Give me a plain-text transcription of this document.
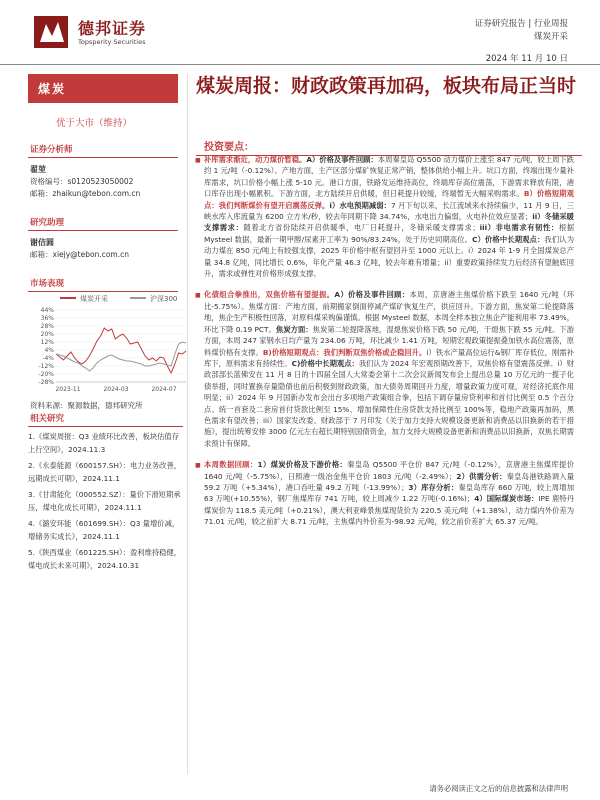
德邦证券
Topsperity Securities
证券研究报告 | 行业周报
煤炭开采
2024 年 11 月 10 日
煤炭
优于大市（维持）
证券分析师
翟堃
资格编号：s0120523050002
邮箱：zhaikun@tebon.com.cn
研究助理
谢佶圆
邮箱：xiejy@tebon.com.cn
市场表现
煤炭开采	沪深300
44%
36%
28%
20%
12%
4%
-4%
-12%
-20%
-28%
2023-11	2024-03	2024-07
资料来源：聚源数据，德邦研究所
相关研究
1.《煤炭周报：Q3 业绩环比改善，板块估值存上行空间》，2024.11.3
2.《永泰能源（600157.SH）：电力业务改善，远期成长可期》，2024.11.1
3.《甘肃能化（000552.SZ）：量价下滑短期承压，煤电化成长可期》，2024.11.1
4.《潞安环能（601699.SH）：Q3 量增价减，增储务实成长》，2024.11.1
5.《陕西煤业（601225.SH）：盈利维持稳健，煤电成长未来可期》，2024.10.31
煤炭周报：财政政策再加码，板块布局正当时
投资要点：
■ 补库需求渐近，动力煤价暂稳。A）价格及事件回顾：本周秦皇岛 Q5500 动力煤价上涨至 847 元/吨，较上周下跌约 1 元/吨（-0.12%）。产地方面，主产区部分煤矿恢复正常产销，整体供给小幅上升。坑口方面，终端出现少量补库需求，坑口价格小幅上涨 5-10 元。港口方面，铁路发运维持高位，终端库存高位震荡，下游需求释放有限，港口库存出现小幅累积。下游方面，北方陆续开启供暖，但日耗提升较缓，终端暂无大幅采购需求。B）价格短期观点：我们判断煤价有望开启震荡反弹。i）水电预期减弱：7 月下旬以来，长江流域来水持续偏少，11 月 9 日，三峡水库入库流量为 6200 立方米/秒，较去年同期下降 34.74%，水电出力偏弱，火电补位效应显著；ii）冬储采暖支撑需求：随着北方省份陆续开启供暖季，电厂日耗提升，冬储采暖支撑需求；iii）非电需求有韧性：根据 Mysteel 数据，最新一期甲醇/尿素开工率为 90%/83.24%，处于历史同期高位。C）价格中长期观点：我们认为动力煤在 850 元/吨上有较强支撑，2025 年价格中枢有望回升至 1000 元以上。i）2024 年 1-9 月全国煤炭总产量 34.8 亿吨，同比增长 0.6%，年化产量 46.3 亿吨，较去年难有增量；ii）重要政策持续发力后经济有望触底回升，需求或弹性对价格形成强支撑。
■ 化债组合拳推出，双焦价格有望提振。A）价格及事件回顾：本周，京唐港主焦煤价格下跌至 1640 元/吨（环比-5.75%）。焦煤方面：产地方面，前期搬家倒面停减产煤矿恢复生产，供应回升。下游方面，焦炭第二轮提降落地，焦企生产积极性回落，对原料煤采购偏谨慎。根据 Mysteel 数据，本周全样本独立焦企产能利用率 73.49%，环比下降 0.19 PCT。焦炭方面：焦炭第二轮提降落地，湿熄焦炭价格下跌 50 元/吨，干熄焦下跌 55 元/吨。下游方面，本周 247 家钢水日均产量为 234.06 万吨，环比减少 1.41 万吨，短期宏观政策提振叠加铁水高位震荡，原料煤价格有支撑。B)价格短期观点：我们判断双焦价格或企稳回升。i）铁水产量高位运行&钢厂库存低位，刚需补库下，原料需求有持续性。C)价格中长期观点：我们认为 2024 年宏观预期改善下，双焦价格有望震荡反弹。i）财政部部长蓝佛安在 11 月 8 日的十四届全国人大常委会第十二次会议新闻发布会上提出总量 10 万亿元的一揽子化债举措，同时置换存量隐债也前后积极到财政政策，加大债务周期回升力度，增量政策力度可观，对经济托底作用明显；ii）2024 年 9 月国新办发布会出台多项地产政策组合拳，包括下调存量房贷利率和首付比例至 0.5 个百分点、统一首套及二套房首付贷款比例至 15%、增加保障性住房贷款支持比例至 100%等，稳地产政策再加码，黑色需求有望改善；iii）国家发改委、财政部于 7 月印发《关于加力支持大规模设备更新和消费品以旧换新的若干措施》，提出统筹安排 3000 亿元左右超长期特别国债资金，加力支持大规模设备更新和消费品以旧换新，双焦长期需求预计有保障。
■ 本周数据回顾：1）煤炭价格及下游价格：秦皇岛 Q5500 平仓价 847 元/吨（-0.12%），京唐港主焦煤库提价 1640 元/吨（-5.75%），日照港一级冶金焦平仓价 1803 元/吨（-2.49%）；2）供需分析：秦皇岛港铁路调入量 59.2 万吨（+5.34%），港口吞吐量 49.2 万吨（-13.99%）；3）库存分析：秦皇岛库存 660 万吨，较上周增加 63 万吨(+10.55%)，钢厂焦煤库存 741 万吨，较上周减少 1.22 万吨(-0.16%)；4）国际煤炭市场：IPE 鹿特丹煤炭价为 118.5 美元/吨（+0.21%），澳大利亚峰景焦煤现货价为 220.5 美元/吨（+1.38%），动力煤内外价差为 71.01 元/吨，较之前扩大 8.71 元/吨，主焦煤内外价差为-98.92 元/吨，较之前价差扩大 65.37 元/吨。
请务必阅读正文之后的信息披露和法律声明
